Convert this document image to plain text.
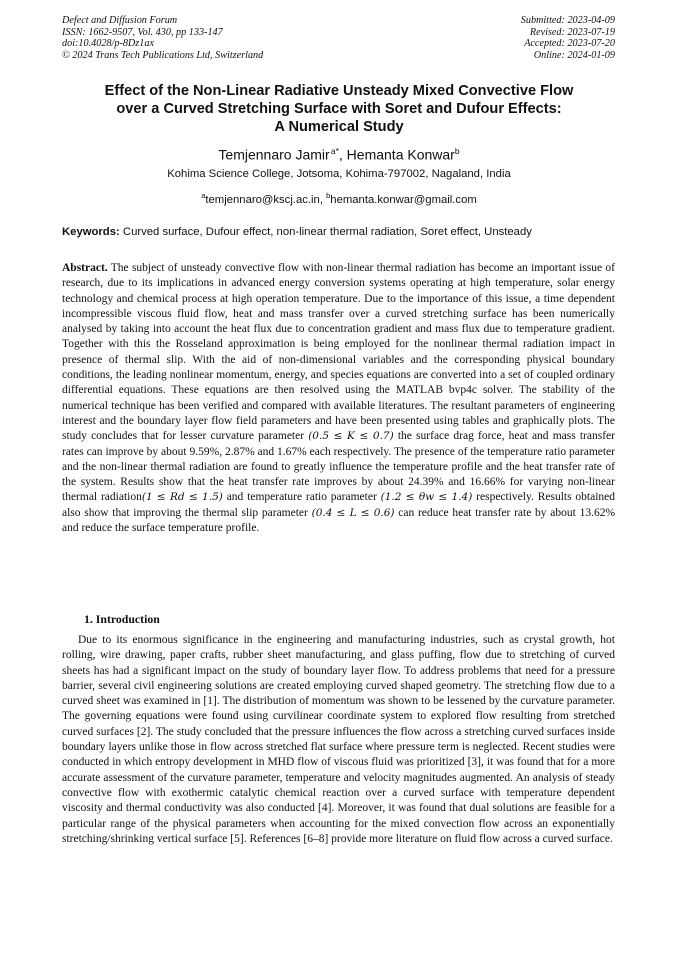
Defect and Diffusion Forum
ISSN: 1662-9507, Vol. 430, pp 133-147
doi:10.4028/p-8Dz1ax
© 2024 Trans Tech Publications Ltd, Switzerland
Submitted: 2023-04-09
Revised: 2023-07-19
Accepted: 2023-07-20
Online: 2024-01-09
Effect of the Non-Linear Radiative Unsteady Mixed Convective Flow
over a Curved Stretching Surface with Soret and Dufour Effects:
A Numerical Study
Temjennaro Jamir $^{a*}$, Hemanta Konwar$^b$
Kohima Science College, Jotsoma, Kohima-797002, Nagaland, India
$^a$temjennaro@kscj.ac.in, $^b$hemanta.konwar@gmail.com
Keywords: Curved surface, Dufour effect, non-linear thermal radiation, Soret effect, Unsteady
Abstract. The subject of unsteady convective flow with non-linear thermal radiation has become an important issue of research, due to its implications in advanced energy conversion systems operating at high temperature, solar energy technology and chemical process at high operation temperature. Due to the importance of this issue, a time dependent incompressible viscous fluid flow, heat and mass transfer over a curved stretching surface has been numerically analysed by taking into account the heat flux due to concentration gradient and mass flux due to temperature gradient. Together with this the Rosseland approximation is being employed for the nonlinear thermal radiation impact in presence of thermal slip. With the aid of non-dimensional variables and the corresponding physical boundary conditions, the leading nonlinear momentum, energy, and species equations are converted into a set of coupled ordinary differential equations. These equations are then resolved using the MATLAB bvp4c solver. The stability of the numerical technique has been verified and compared with available literatures. The resultant parameters of engineering interest and the boundary layer flow field parameters and have been presented using tables and graphically plots. The study concludes that for lesser curvature parameter (0.5 ≤ K ≤ 0.7) the surface drag force, heat and mass transfer rates can improve by about 9.59%, 2.87% and 1.67% each respectively. The presence of the temperature ratio parameter and the non-linear thermal radiation are found to greatly influence the temperature profile and the heat transfer rate of the system. Results show that the heat transfer rate improves by about 24.39% and 16.66% for varying non-linear thermal radiation(1 ≤ Rd ≤ 1.5) and temperature ratio parameter (1.2 ≤ θw ≤ 1.4) respectively. Results obtained also show that improving the thermal slip parameter (0.4 ≤ L ≤ 0.6) can reduce heat transfer rate by about 13.62% and reduce the surface temperature profile.
1. Introduction
Due to its enormous significance in the engineering and manufacturing industries, such as crystal growth, hot rolling, wire drawing, paper crafts, rubber sheet manufacturing, and glass puffing, flow due to stretching of curved sheets has had a significant impact on the study of boundary layer flow. To address problems that need for a pressure barrier, several civil engineering solutions are created employing curved shaped geometry. The stretching flow due to a curved sheet was examined in [1]. The distribution of momentum was shown to be lessened by the curvature parameter. The governing equations were found using curvilinear coordinate system to explored flow resulting from stretched curved surfaces [2]. The study concluded that the pressure influences the flow across a stretching curved surfaces inside boundary layers unlike those in flow across stretched flat surface where pressure term is neglected. Recent studies were conducted in which entropy development in MHD flow of viscous fluid was prioritized [3], it was found that for a more accurate assessment of the curvature parameter, temperature and velocity magnitudes augmented. An analysis of steady convective flow with exothermic catalytic chemical reaction over a curved surface with temperature dependent viscosity and thermal conductivity was also conducted [4]. Moreover, it was found that dual solutions are feasible for a particular range of the physical parameters when accounting for the mixed convection flow across an exponentially stretching/shrinking vertical surface [5]. References [6–8] provide more literature on fluid flow across a curved surface.
